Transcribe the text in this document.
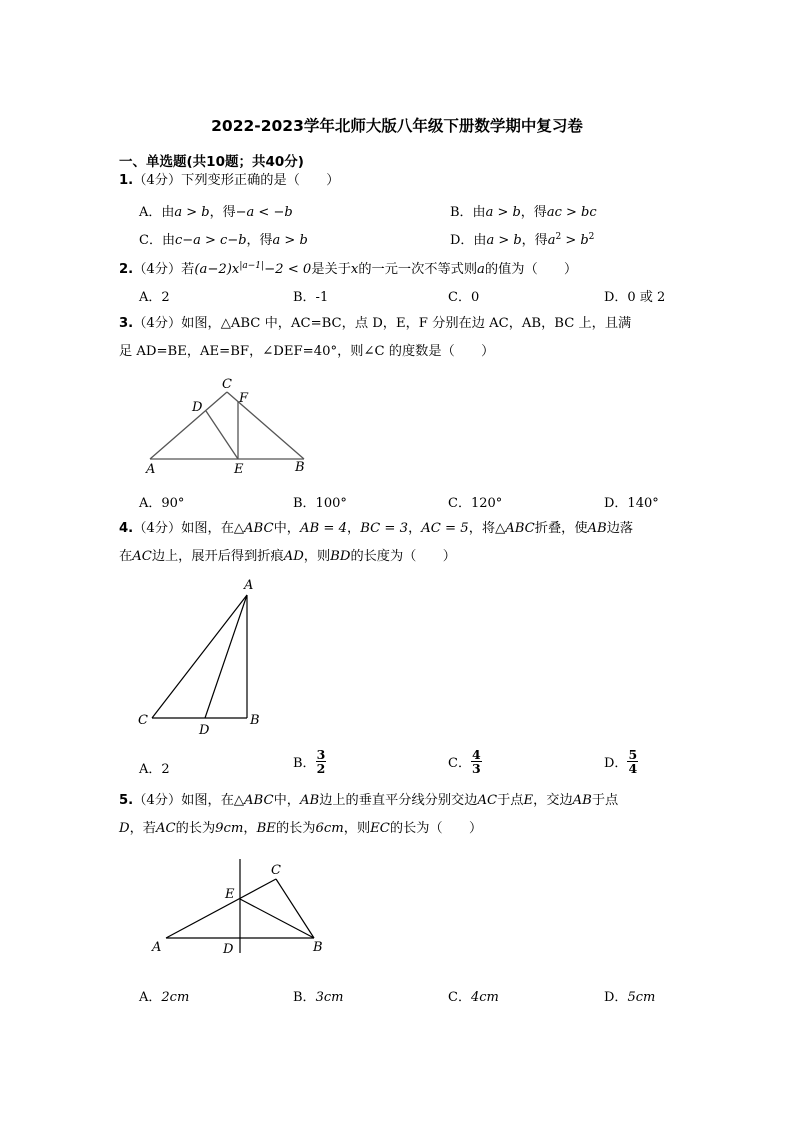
2022-2023学年北师大版八年级下册数学期中复习卷
一、单选题(共10题；共40分)
1.（4分）下列变形正确的是（　　）
A．由a > b，得−a < −b	B．由a > b，得ac > bc
C．由c−a > c−b，得a > b	D．由a > b，得$a^2 > b^2$
2.（4分）若$(a-2)x^{|a-1|}-2 < 0$是关于x的一元一次不等式则a的值为（　　）
A．2	B．-1	C．0	D．0 或 2
3.（4分）如图，△ABC 中，AC=BC，点 D，E，F 分别在边 AC，AB，BC 上，且满
足 AD=BE，AE=BF，∠DEF=40°，则∠C 的度数是（　　）
C
D
F
A	E	B
A．90°	B．100°	C．120°	D．140°
4.（4分）如图，在△ABC中，AB = 4，BC = 3，AC = 5，将△ABC折叠，使AB边落
在AC边上，展开后得到折痕AD，则BD的长度为（　　）
A
C
D
B
A．2	B． $\frac{3}{2}$	C． $\frac{4}{3}$	D． $\frac{5}{4}$
5.（4分）如图，在△ABC中，AB边上的垂直平分线分别交边AC于点E，交边AB于点
D，若AC的长为9cm，BE的长为6cm，则EC的长为（　　）
C
E
A	D	B
A．2cm	B．3cm	C．4cm	D．5cm
